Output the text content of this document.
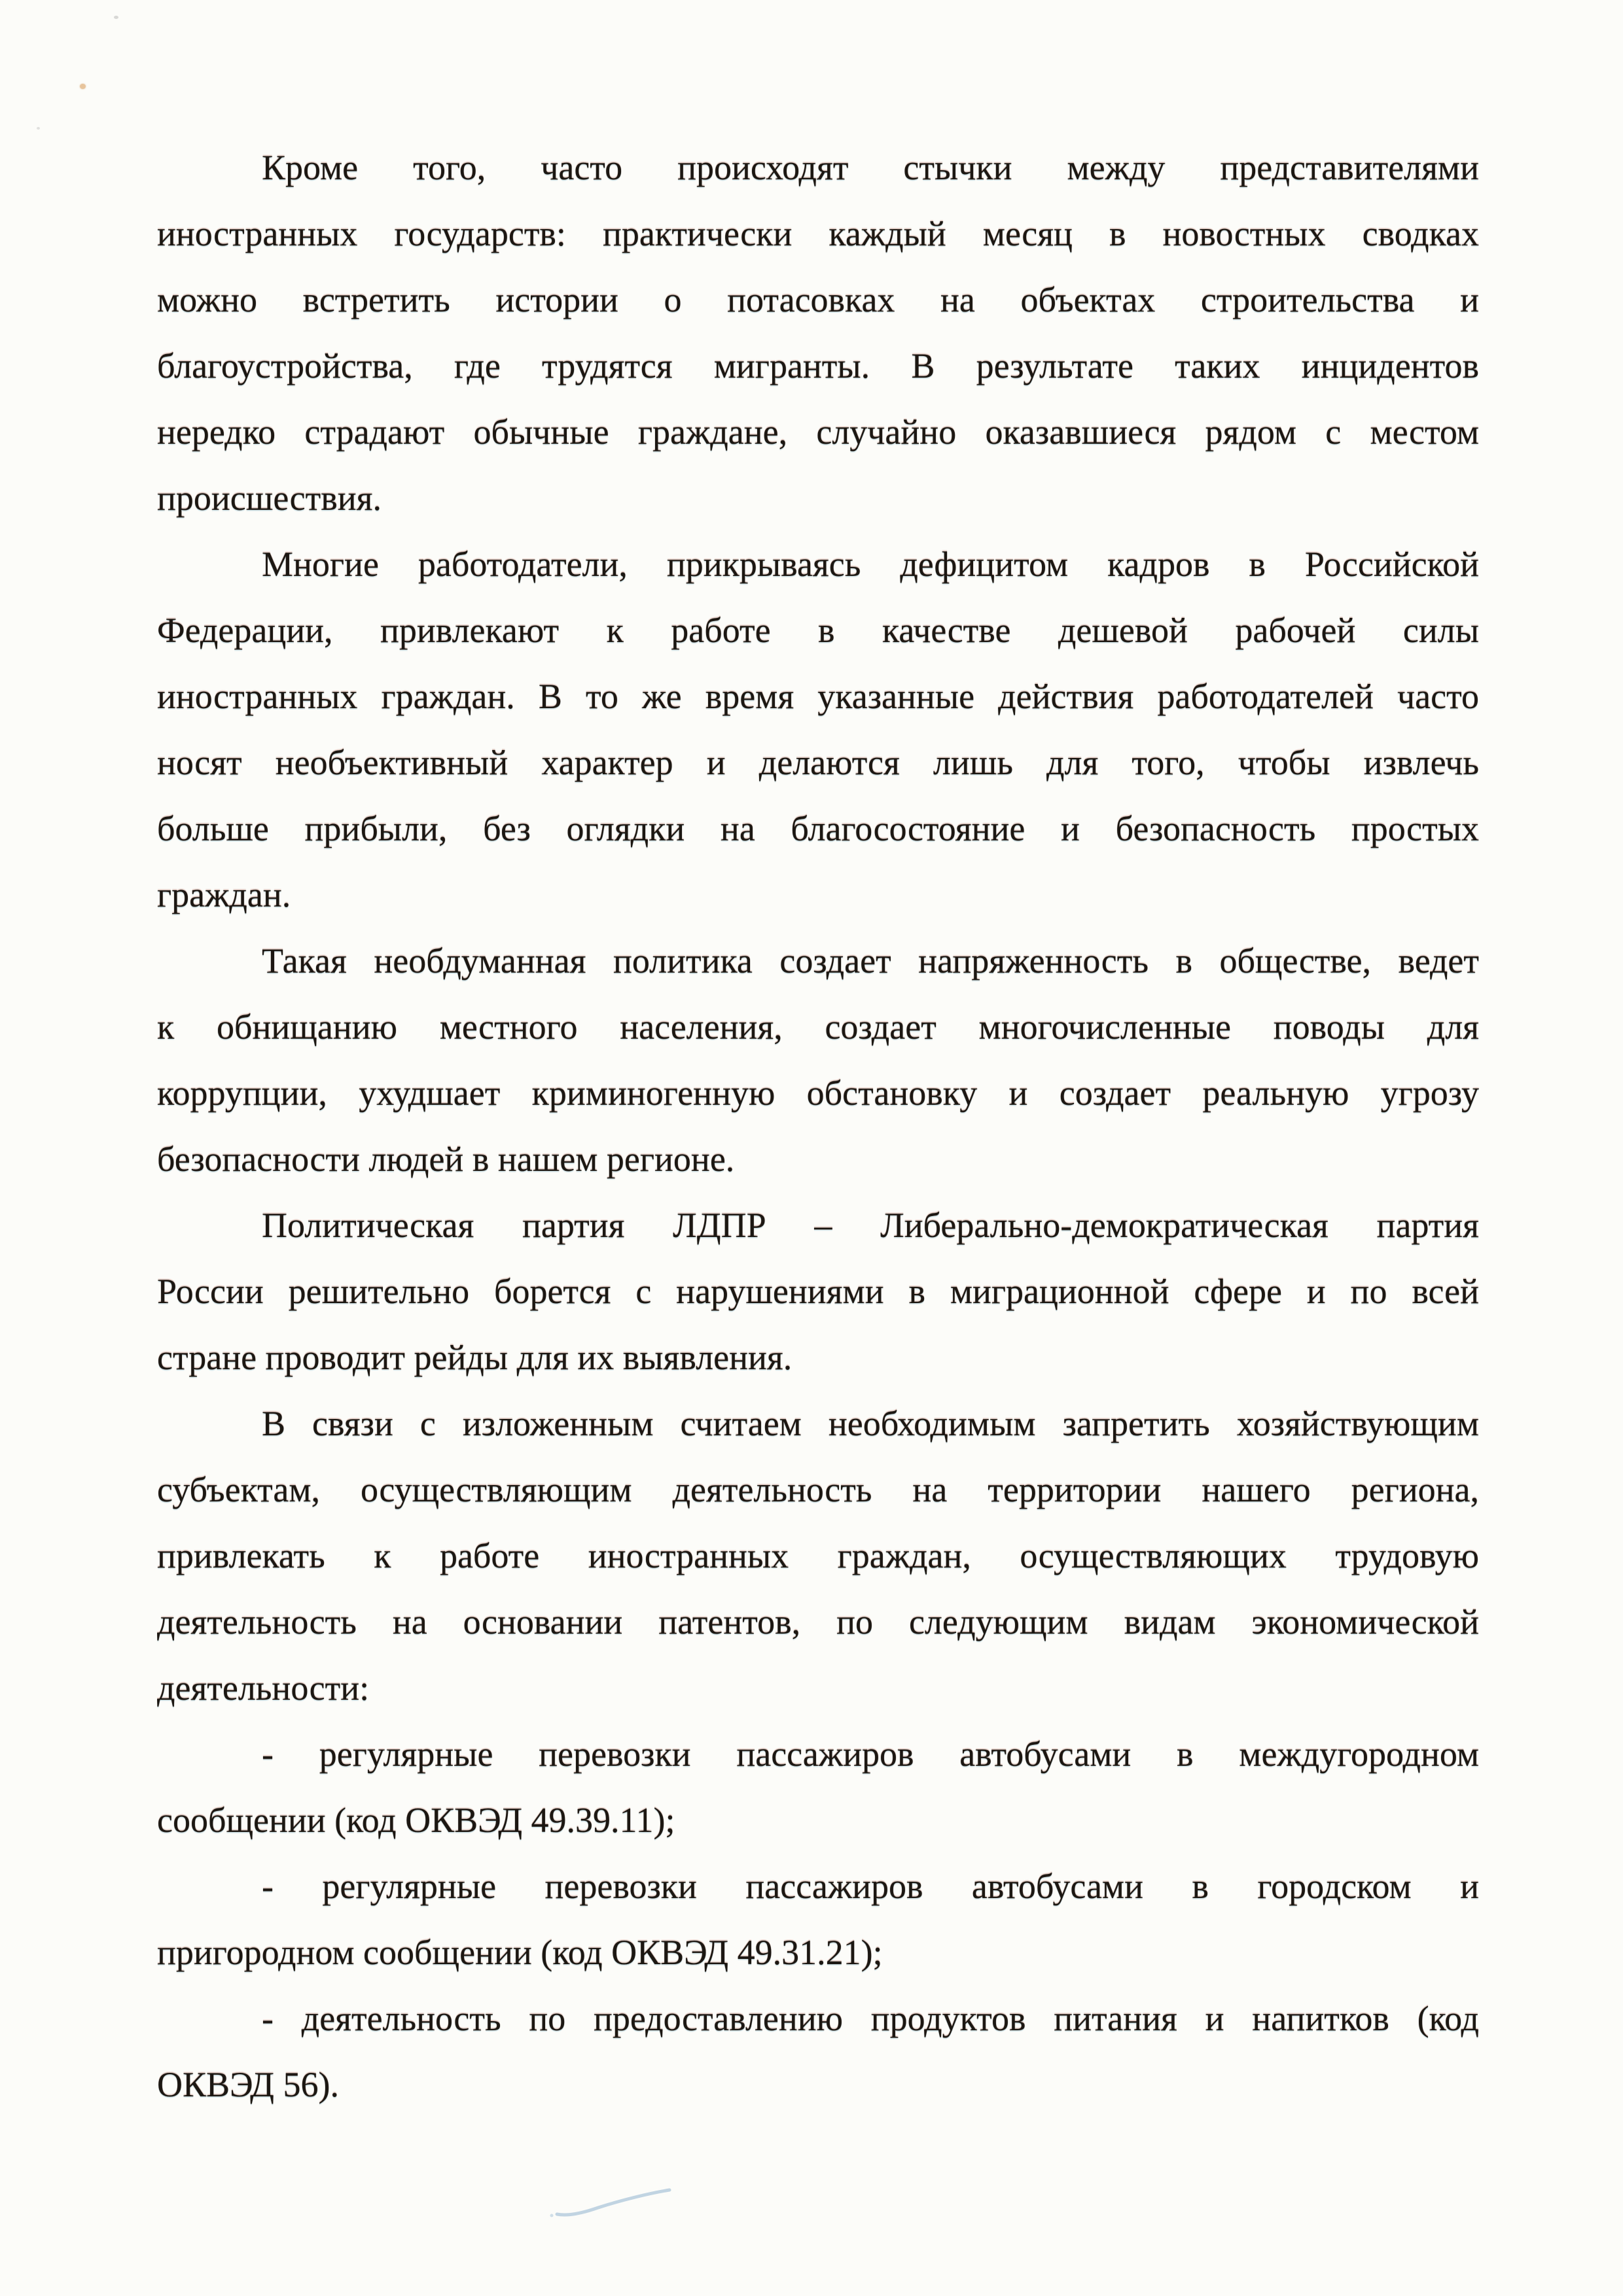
Кроме того, часто происходят стычки между представителями
иностранных государств: практически каждый месяц в новостных сводках
можно встретить истории о потасовках на объектах строительства и
благоустройства, где трудятся мигранты. В результате таких инцидентов
нередко страдают обычные граждане, случайно оказавшиеся рядом с местом
происшествия.

Многие работодатели, прикрываясь дефицитом кадров в Российской
Федерации, привлекают к работе в качестве дешевой рабочей силы
иностранных граждан. В то же время указанные действия работодателей часто
носят необъективный характер и делаются лишь для того, чтобы извлечь
больше прибыли, без оглядки на благосостояние и безопасность простых
граждан.

Такая необдуманная политика создает напряженность в обществе, ведет
к обнищанию местного населения, создает многочисленные поводы для
коррупции, ухудшает криминогенную обстановку и создает реальную угрозу
безопасности людей в нашем регионе.

Политическая партия ЛДПР – Либерально-демократическая партия
России решительно борется с нарушениями в миграционной сфере и по всей
стране проводит рейды для их выявления.

В связи с изложенным считаем необходимым запретить хозяйствующим
субъектам, осуществляющим деятельность на территории нашего региона,
привлекать к работе иностранных граждан, осуществляющих трудовую
деятельность на основании патентов, по следующим видам экономической
деятельности:

- регулярные перевозки пассажиров автобусами в междугородном
сообщении (код ОКВЭД 49.39.11);

- регулярные перевозки пассажиров автобусами в городском и
пригородном сообщении (код ОКВЭД 49.31.21);

- деятельность по предоставлению продуктов питания и напитков (код
ОКВЭД 56).
